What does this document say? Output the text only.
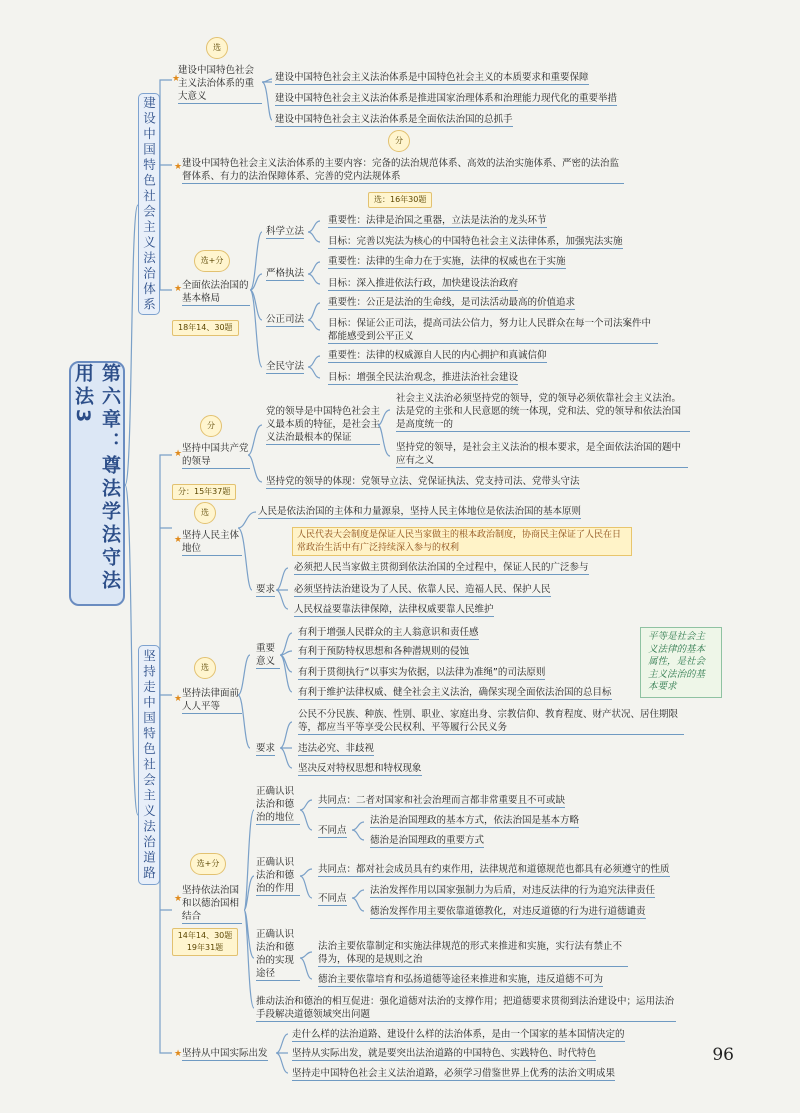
第六章：尊法学法守法用法3
建设中国特色社会主义法治体系
坚持走中国特色社会主义法治道路
选
★
建设中国特色社会主义法治体系的重大意义
建设中国特色社会主义法治体系是中国特色社会主义的本质要求和重要保障
建设中国特色社会主义法治体系是推进国家治理体系和治理能力现代化的重要举措
建设中国特色社会主义法治体系是全面依法治国的总抓手
分
★ 建设中国特色社会主义法治体系的主要内容：完备的法治规范体系、高效的法治实施体系、严密的法治监督体系、有力的法治保障体系、完善的党内法规体系
选：16年30题
选+分
★ 全面依法治国的基本格局
18年14、30题
科学立法
重要性：法律是治国之重器，立法是法治的龙头环节
目标：完善以宪法为核心的中国特色社会主义法律体系，加强宪法实施
严格执法
重要性：法律的生命力在于实施，法律的权威也在于实施
目标：深入推进依法行政，加快建设法治政府
公正司法
重要性：公正是法治的生命线，是司法活动最高的价值追求
目标：保证公正司法，提高司法公信力，努力让人民群众在每一个司法案件中都能感受到公平正义
全民守法
重要性：法律的权威源自人民的内心拥护和真诚信仰
目标：增强全民法治观念，推进法治社会建设
分
★ 坚持中国共产党的领导
分：15年37题
党的领导是中国特色社会主义最本质的特征，是社会主义法治最根本的保证
社会主义法治必须坚持党的领导，党的领导必须依靠社会主义法治。法是党的主张和人民意愿的统一体现，党和法、党的领导和依法治国是高度统一的
坚持党的领导，是社会主义法治的根本要求，是全面依法治国的题中应有之义
坚持党的领导的体现：党领导立法、党保证执法、党支持司法、党带头守法
选
★ 坚持人民主体地位
人民是依法治国的主体和力量源泉，坚持人民主体地位是依法治国的基本原则
人民代表大会制度是保证人民当家做主的根本政治制度，协商民主保证了人民在日常政治生活中有广泛持续深入参与的权利
要求
必须把人民当家做主贯彻到依法治国的全过程中，保证人民的广泛参与
必须坚持法治建设为了人民、依靠人民、造福人民、保护人民
人民权益要靠法律保障，法律权威要靠人民维护
选
★ 坚持法律面前人人平等
重要意义
有利于增强人民群众的主人翁意识和责任感
有利于预防特权思想和各种潜规则的侵蚀
有利于贯彻执行“以事实为依据，以法律为准绳”的司法原则
有利于维护法律权威、健全社会主义法治，确保实现全面依法治国的总目标
平等是社会主义法律的基本属性，是社会主义法治的基本要求
要求
公民不分民族、种族、性别、职业、家庭出身、宗教信仰、教育程度、财产状况、居住期限等，都应当平等享受公民权利、平等履行公民义务
违法必究、非歧视
坚决反对特权思想和特权现象
选+分
★
坚持依法治国和以德治国相结合
14年14、30题 19年31题
正确认识法治和德治的地位
共同点：二者对国家和社会治理而言都非常重要且不可或缺
不同点
法治是治国理政的基本方式，依法治国是基本方略
德治是治国理政的重要方式
正确认识法治和德治的作用
共同点：都对社会成员具有约束作用，法律规范和道德规范也都具有必须遵守的性质
不同点
法治发挥作用以国家强制力为后盾，对违反法律的行为追究法律责任
德治发挥作用主要依靠道德教化，对违反道德的行为进行道德谴责
正确认识法治和德治的实现途径
法治主要依靠制定和实施法律规范的形式来推进和实施，实行法有禁止不得为，体现的是规则之治
德治主要依靠培育和弘扬道德等途径来推进和实施，违反道德不可为
推动法治和德治的相互促进：强化道德对法治的支撑作用；把道德要求贯彻到法治建设中；运用法治手段解决道德领域突出问题
★ 坚持从中国实际出发
走什么样的法治道路、建设什么样的法治体系，是由一个国家的基本国情决定的
坚持从实际出发，就是要突出法治道路的中国特色、实践特色、时代特色
坚持走中国特色社会主义法治道路，必须学习借鉴世界上优秀的法治文明成果
96
